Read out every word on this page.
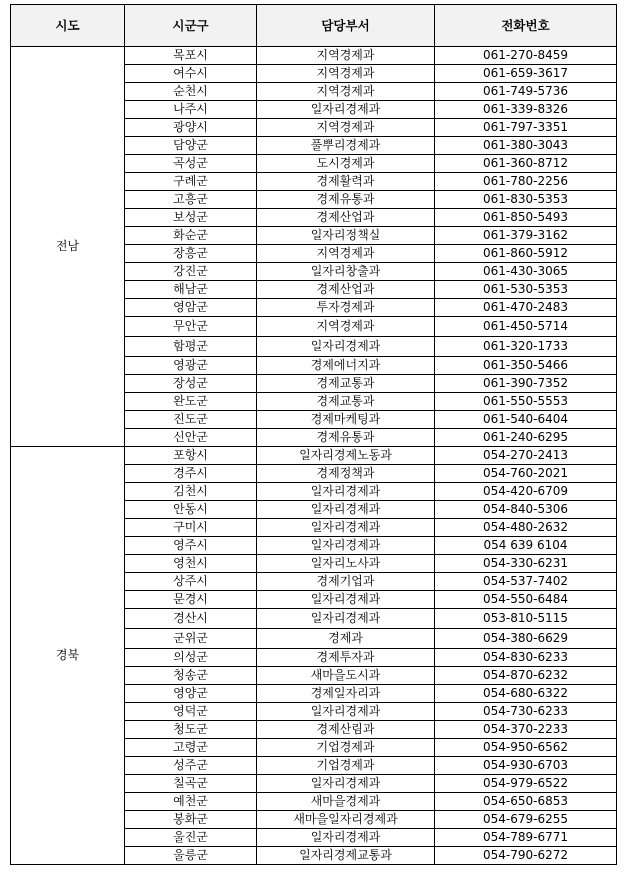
시도	시군구	담당부서	전화번호
전남	목포시	지역경제과	061-270-8459
	여수시	지역경제과	061-659-3617
	순천시	지역경제과	061-749-5736
	나주시	일자리경제과	061-339-8326
	광양시	지역경제과	061-797-3351
	담양군	풀뿌리경제과	061-380-3043
	곡성군	도시경제과	061-360-8712
	구례군	경제활력과	061-780-2256
	고흥군	경제유통과	061-830-5353
	보성군	경제산업과	061-850-5493
	화순군	일자리정책실	061-379-3162
	장흥군	지역경제과	061-860-5912
	강진군	일자리창출과	061-430-3065
	해남군	경제산업과	061-530-5353
	영암군	투자경제과	061-470-2483
	무안군	지역경제과	061-450-5714
	함평군	일자리경제과	061-320-1733
	영광군	경제에너지과	061-350-5466
	장성군	경제교통과	061-390-7352
	완도군	경제교통과	061-550-5553
	진도군	경제마케팅과	061-540-6404
	신안군	경제유통과	061-240-6295
경북	포항시	일자리경제노동과	054-270-2413
	경주시	경제정책과	054-760-2021
	김천시	일자리경제과	054-420-6709
	안동시	일자리경제과	054-840-5306
	구미시	일자리경제과	054-480-2632
	영주시	일자리경제과	054 639 6104
	영천시	일자리노사과	054-330-6231
	상주시	경제기업과	054-537-7402
	문경시	일자리경제과	054-550-6484
	경산시	일자리경제과	053-810-5115
	군위군	경제과	054-380-6629
	의성군	경제투자과	054-830-6233
	청송군	새마을도시과	054-870-6232
	영양군	경제일자리과	054-680-6322
	영덕군	일자리경제과	054-730-6233
	청도군	경제산림과	054-370-2233
	고령군	기업경제과	054-950-6562
	성주군	기업경제과	054-930-6703
	칠곡군	일자리경제과	054-979-6522
	예천군	새마을경제과	054-650-6853
	봉화군	새마을일자리경제과	054-679-6255
	울진군	일자리경제과	054-789-6771
	울릉군	일자리경제교통과	054-790-6272
